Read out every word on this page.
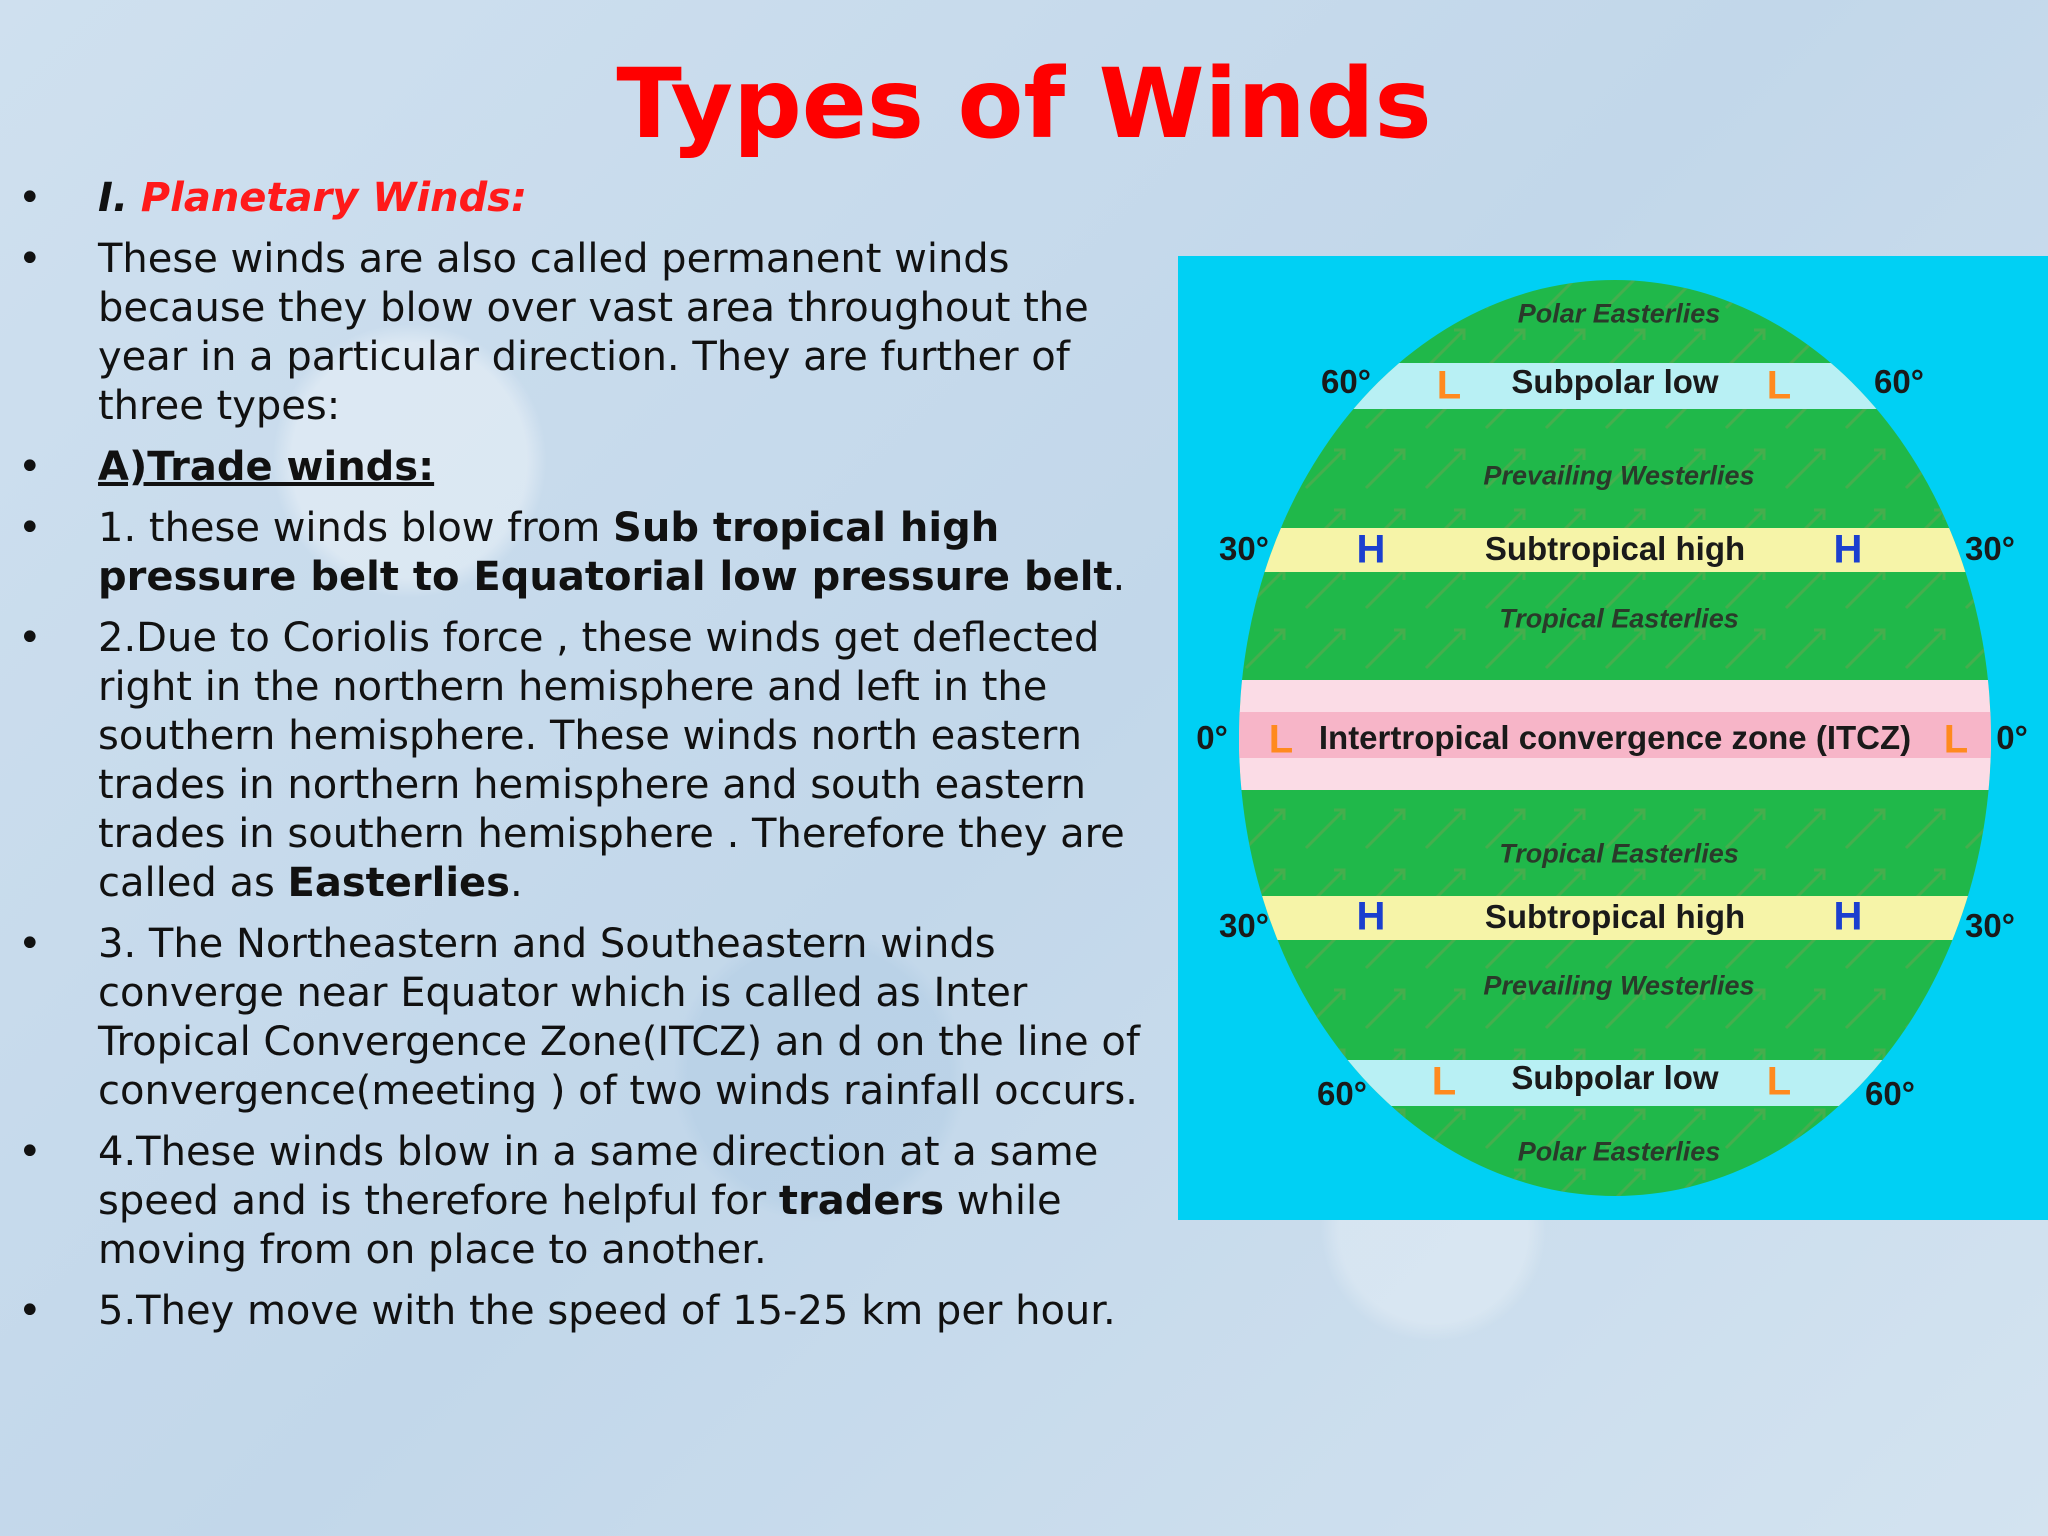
Types of Winds
• I. Planetary Winds:
• These winds are also called permanent winds because they blow over vast area throughout the year in a particular direction. They are further of three types:
• A)Trade winds:
• 1. these winds blow from Sub tropical high pressure belt to Equatorial low pressure belt.
• 2.Due to Coriolis force , these winds get deflected right in the northern hemisphere and left in the southern hemisphere. These winds north eastern trades in northern hemisphere and south eastern trades in southern hemisphere . Therefore they are called as Easterlies.
• 3. The Northeastern and Southeastern winds converge near Equator which is called as Inter Tropical Convergence Zone(ITCZ) an d on the line of convergence(meeting ) of two winds rainfall occurs.
• 4.These winds blow in a same direction at a same speed and is therefore helpful for traders while moving from on place to another.
• 5.They move with the speed of 15-25 km per hour.
Polar Easterlies
Prevailing Westerlies
Tropical Easterlies
Tropical Easterlies
Prevailing Westerlies
Polar Easterlies
Subpolar low
Subtropical high
Intertropical convergence zone (ITCZ)
Subtropical high
Subpolar low
60°	60°
30°	30°
0°	0°
30°	30°
60°	60°
L	L
H	H
L	L
H	H
L	L
